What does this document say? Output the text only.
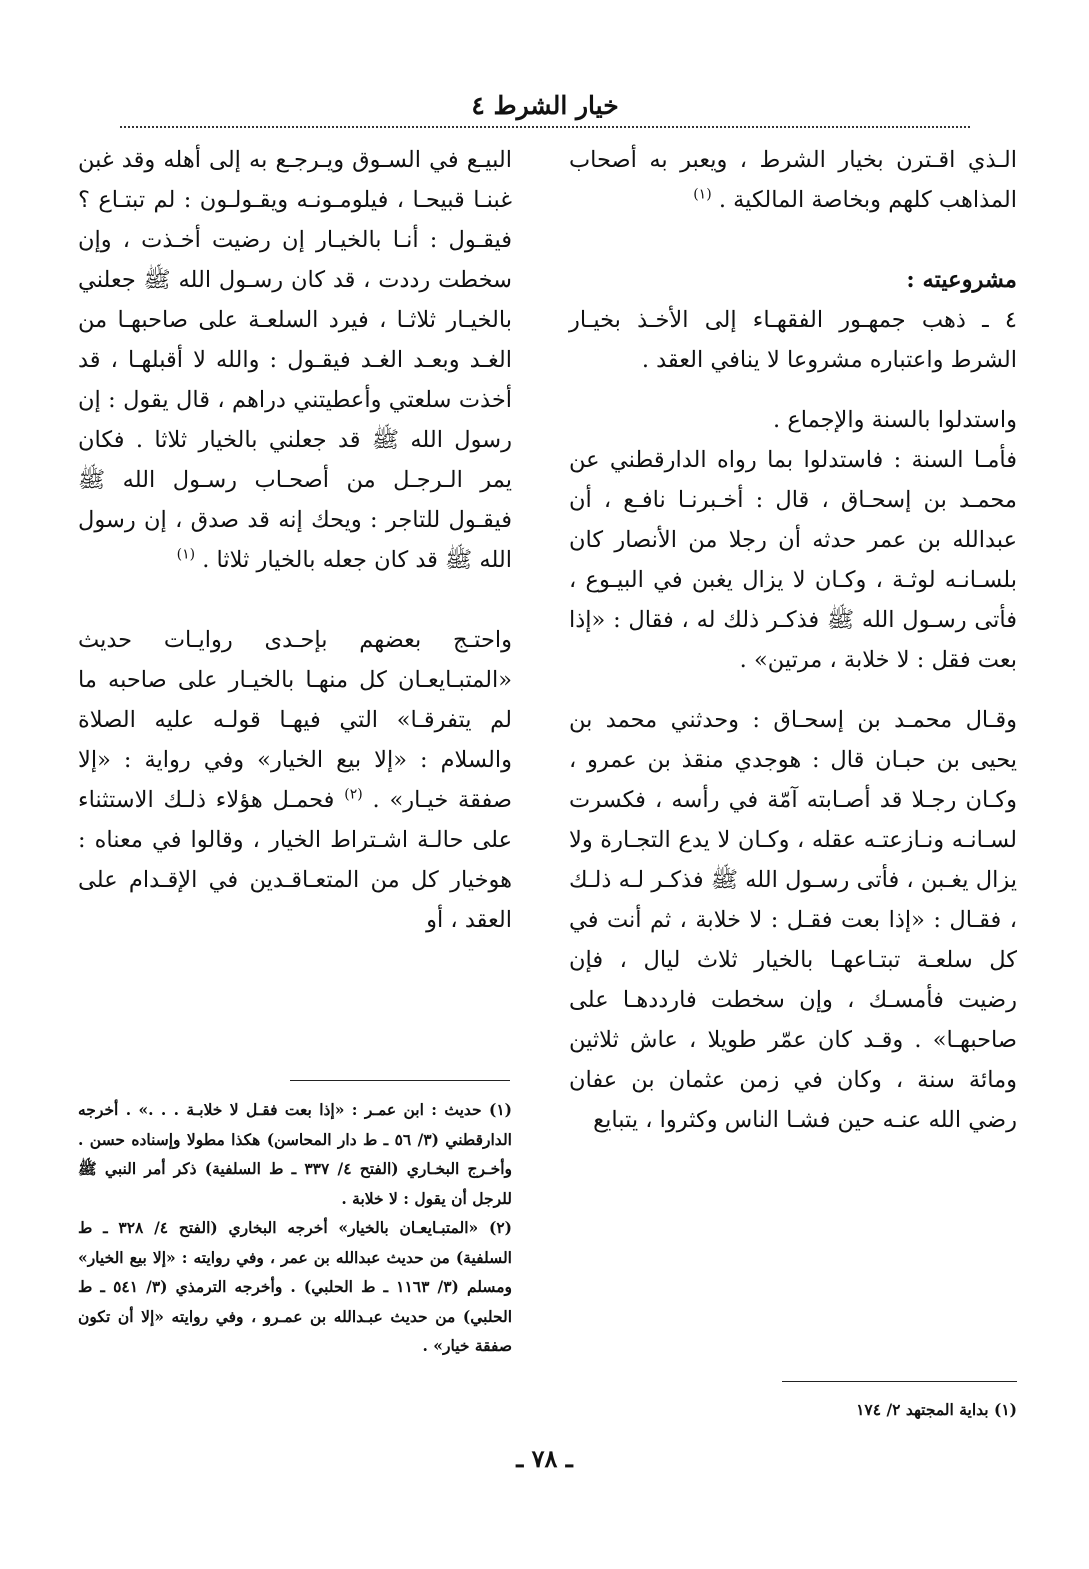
خيار الشرط ٤

الـذي اقـترن بخيار الشرط ، ويعبر به أصحاب المذاهب كلهم وبخاصة المالكية . $^{(١)}$

مشروعيته :

٤ ـ ذهب جمهـور الفقهـاء إلى الأخـذ بخيـار الشرط واعتباره مشروعا لا ينافي العقد .

واستدلوا بالسنة والإجماع .

فأمـا السنة : فاستدلوا بما رواه الدارقطني عن محمـد بن إسحـاق ، قال : أخـبرنـا نافـع ، أن عبدالله بن عمر حدثه أن رجلا من الأنصار كان بلسـانـه لوثـة ، وكـان لا يزال يغبن في البيـوع ، فأتى رسـول الله ﷺ فذكـر ذلك له ، فقال : «إذا بعت فقل : لا خلابة ، مرتين» .

وقـال محمـد بن إسحـاق : وحدثني محمد بن يحيى بن حبـان قال : هوجدي منقذ بن عمرو ، وكـان رجـلا قد أصـابته آمّة في رأسه ، فكسرت لسـانـه ونـازعتـه عقله ، وكـان لا يدع التجـارة ولا يزال يغـبن ، فأتى رسـول الله ﷺ فذكـر لـه ذلـك ، فقـال : «إذا بعت فقـل : لا خلابة ، ثم أنت في كل سلعـة تبتـاعهـا بالخيار ثلاث ليال ، فإن رضيت فأمسـك ، وإن سخطت فارددهـا على صاحبهـا» . وقـد كان عمّر طويلا ، عاش ثلاثين ومائة سنة ، وكان في زمن عثمان بن عفان رضي الله عنـه حين فشـا الناس وكثروا ، يتبايع

البيـع في السـوق ويـرجـع به إلى أهله وقد غبن غبنـا قبيحـا ، فيلومـونـه ويقـولـون : لم تبتـاع ؟ فيقـول : أنـا بالخيـار إن رضيت أخـذت ، وإن سخطت رددت ، قد كان رسـول الله ﷺ جعلني بالخيـار ثلاثـا ، فيرد السلعـة على صاحبهـا من الغـد وبعـد الغـد فيقـول : والله لا أقبلهـا ، قد أخذت سلعتي وأعطيتني دراهم ، قال يقول : إن رسول الله ﷺ قد جعلني بالخيار ثلاثا . فكان يمر الـرجـل من أصحـاب رسـول الله ﷺ فيقـول للتاجر : ويحك إنه قد صدق ، إن رسول الله ﷺ قد كان جعله بالخيار ثلاثا . $^{(١)}$

واحتـج بعضهم بإحـدى روايـات حديث «المتبـايعـان كل منهـا بالخيـار على صاحبه ما لم يتفرقـا» التي فيهـا قولـه عليه الصلاة والسلام : «إلا بيع الخيار» وفي رواية : «إلا صفقة خيـار» . $^{(٢)}$ فحمـل هؤلاء ذلـك الاستثناء على حالـة اشـتراط الخيار ، وقالوا في معناه : هوخيار كل من المتعـاقـدين في الإقـدام على العقد ، أو

(١) حديث : ابن عمـر : «إذا بعت فقـل لا خلابـة . . .» . أخرجه الدارقطني (٣/ ٥٦ ـ ط دار المحاسن) هكذا مطولا وإسناده حسن . وأخـرج البخـاري (الفتح ٤/ ٣٣٧ ـ ط السلفية) ذكر أمر النبي ﷺ للرجل أن يقول : لا خلابة .

(٢) «المتبـايعـان بالخيار» أخرجه البخاري (الفتح ٤/ ٣٢٨ ـ ط السلفية) من حديث عبدالله بن عمر ، وفي روايته : «إلا بيع الخيار» ومسلم (٣/ ١١٦٣ ـ ط الحلبي) . وأخرجه الترمذي (٣/ ٥٤١ ـ ط الحلبي) من حديث عبـدالله بن عمـرو ، وفي روايته «إلا أن تكون صفقة خيار» .

(١) بداية المجتهد ٢/ ١٧٤

ـ ٧٨ ـ
